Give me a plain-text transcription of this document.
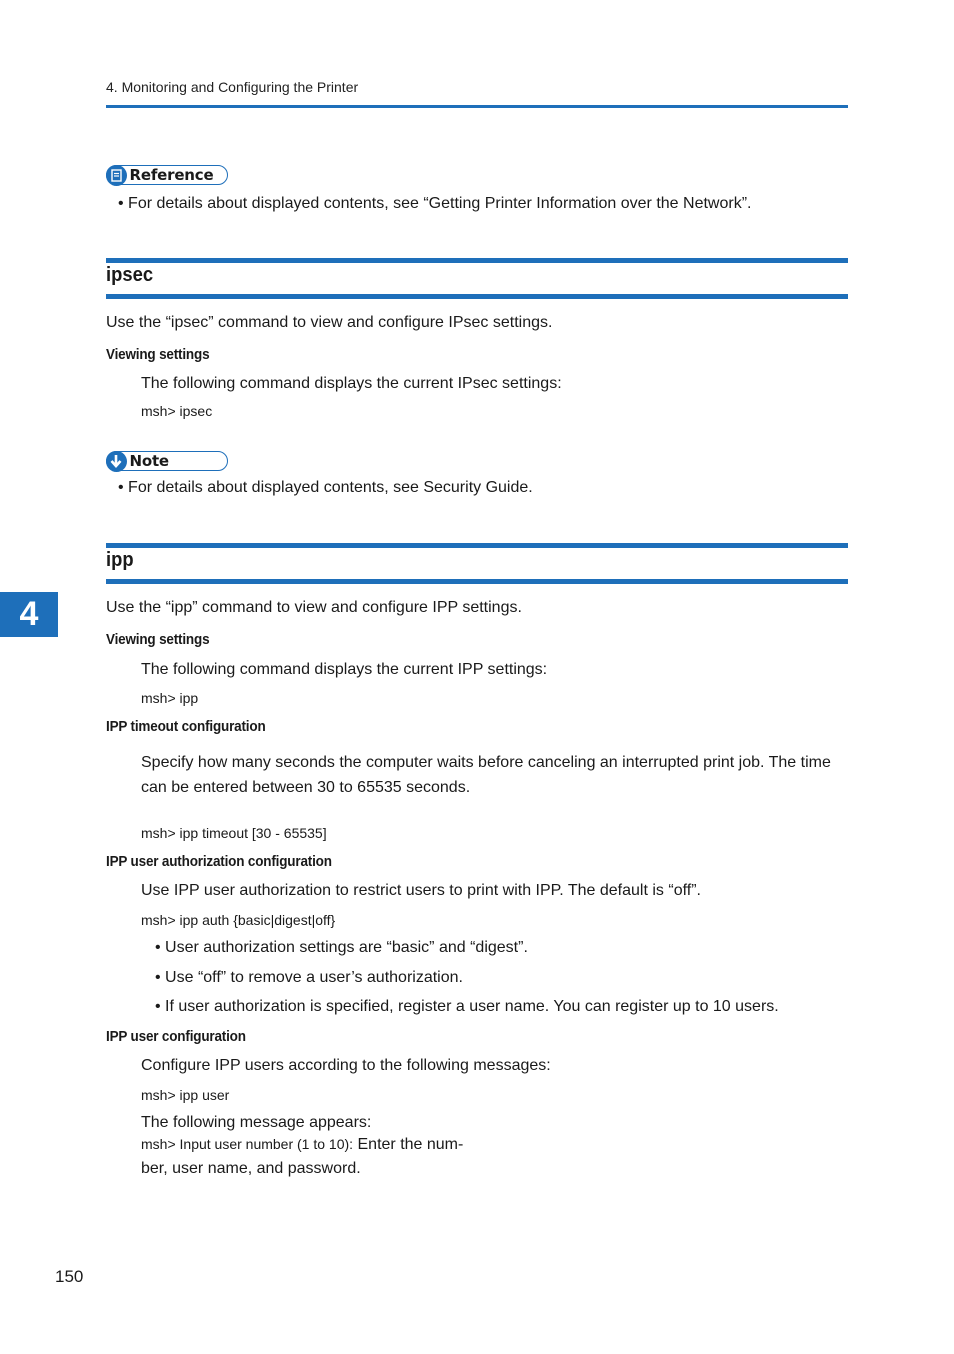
4. Monitoring and Configuring the Printer
Reference
• For details about displayed contents, see “Getting Printer Information over the Network”.
ipsec
Use the “ipsec” command to view and configure IPsec settings.
Viewing settings
The following command displays the current IPsec settings:
msh> ipsec
Note
• For details about displayed contents, see Security Guide.
ipp
4	Use the “ipp” command to view and configure IPP settings.
Viewing settings
The following command displays the current IPP settings:
msh> ipp
IPP timeout configuration
Specify how many seconds the computer waits before canceling an interrupted print job. The time
can be entered between 30 to 65535 seconds.
msh> ipp timeout [30 - 65535]
IPP user authorization configuration
Use IPP user authorization to restrict users to print with IPP. The default is “off”.
msh> ipp auth {basic|digest|off}
• User authorization settings are “basic” and “digest”.
• Use “off” to remove a user’s authorization.
• If user authorization is specified, register a user name. You can register up to 10 users.
IPP user configuration
Configure IPP users according to the following messages:
msh> ipp user
The following message appears:
msh> Input user number (1 to 10): Enter the num-
ber, user name, and password.
150
